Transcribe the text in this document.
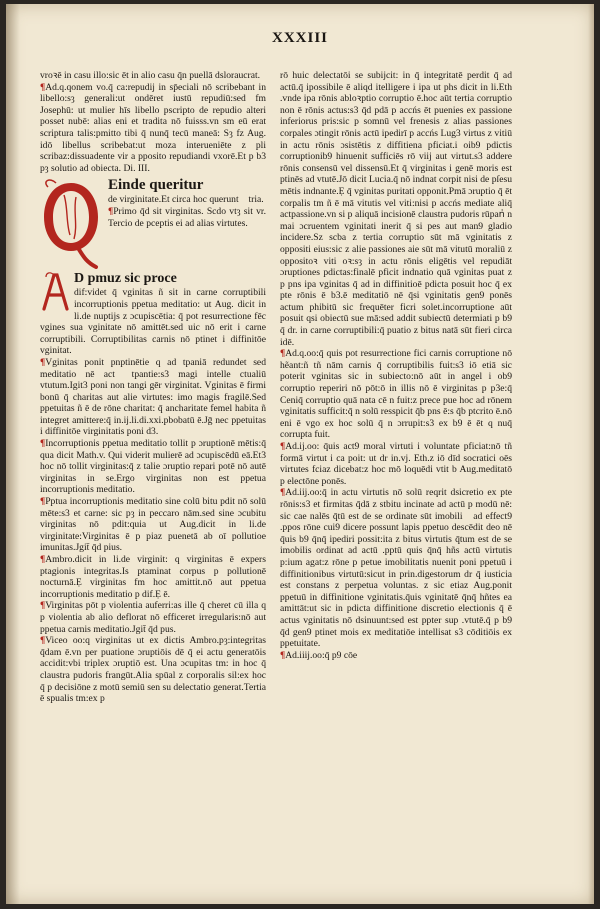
XXXIII

vroꝛē in casu illo:sic ēt in alio casu q̄n puellā dsloraucrat.

¶Ad.q.qonem vo.q̄ ca:repudij in sp̄eciali nō scribebant in libello:sȝ generali:ut ondēret iustū repudiū:sed fm Josephū: ut mulier hīs libello pscripto de repudio alteri posset nubē: alias eni et tradita nō fuisss.vn sm eū erat scriptura talis:pmitto tibi q̄ nunq̄ tecū maneā: Sȝ fz Aug. idō libellus scribebat:ut moza interueniēte z pli scribaz:dissuadente vir a pposito repudiandi vxorē.Et p b3 pȝ solutio ad obiecta. Di. III.

Einde queritur

de virginitate.Et circa hoc queruntᷣ tria.

¶Primo q̄d sit virginitas. Scdo vtȝ sit vr. Tercio de pceptis ei ad alias virtutes.

D pmuz sic proce

dif:videt q̄ vginitas ñ sit in carne corruptibili incorruptionis ppetua meditatio: ut Aug. dicit in li.de nuptijs z ɔcupiscētia: q̄ pot resurrectione fēc vgines sua vginitate nō amittēt.sed uic nō erit i carne corruptibili. Corruptibilitas carnis nō ptinet i diffinitōe vginitat.

¶Vginitas ponit pnptinētie q ad tpaniā redundet sed meditatio nē actᷣ tpantie:s3 magi intelle ctualiū vtutum.Igit3 poni non tangi gēr virginitat. Vginitas ē firmi bonū q̄ charitas aut alie virtutes: imo magis fragilē.Sed ppetuitas ñ ē de rōne charitat: q̄ ancharitate femel habita ñ integret amittere:q̄ in.ij.li.di.xxi.pbobatū ē.Jḡ nec ppetuitas i diffinitōe virginitatis poni d3.

¶Incorruptionis ppetua meditatio tollit p ɔruptionē mētis:q̄ qua dicit Math.v. Qui viderit mulierē ad ɔcupiscēdū eā.Et3 hoc nō tollit virginitas:q̄ z talie ɔruptio repari potē nō autē virginitas in se.Ergo virginitas non est ppetua incorruptionis meditatio.

¶Pptua incorruptionis meditatio sine colū bitu pdit nō solū mēte:s3 et carne: sic pȝ in peccaro nām.sed sine ɔcubitu virginitas nō pdit:quia ut Aug.dicit in li.de virginitate:Virginitas ē p piaz puenetā ab oī pollutioe imunitas.Jgit̄ q̄d pius.

¶Ambro.dicit in li.de virginit: q virginitas ē expers ptagionis integritas.Is ptaminat corpus p pollutionē nocturnā.Ẹ virginitas fm hoc amittit.nō aut ppetua incorruptionis meditatio p dif.Ẹ ē.

¶Virginitas pōt p violentia auferri:as ille q̄ cheret cū illa q p violentia ab alio deflorat nō efficeret irregularis:nō aut ppetua carnis meditatio.Jgit̄ q̄d pus.

¶Viceo oo:q virginitas ut ex dictis Ambro.pȝ:integritas q̄dam ē.vn per puatione ɔruptiōis dē q̄ ei actu generatōis accidit:vbi triplex ɔruptiō est. Una ɔcupitas tm: in hoc q̄ claustra pudoris frangūt.Alia spūal z corporalis sil:ex hoc q̄ p decisiōne z motū semiū sen su delectatio generat.Tertia ē spualis tm:ex p

rō huic delectatōi se subijcit: in q̄ integritatē perdit q̄ ad actū.q̄ ipossibile ē aliqd itelligere i ipa ut phs dicit in li.Eth .vnde ipa rōnis abloꝛptio corruptio ē.hoc aūt tertia corruptio non ē rōnis actus:s3 q̄d pdā p accńs ēt puenies ex passione inferiorus pris:sic p somnū vel frenesis z alias passiones corpales ɔtingit rōnis actū ipedirī p accńs Lug3 virtus z vitiū in actu rōnis ɔsistētis z diffitiena pficiat.i oib9 pdictis corruptionib9 hinuenit sufficiēs rō viij aut virtut.s3 addere rōnis consensū vel dissensū.Et q̄ virginitas i genē moris est ptinēs ad vtutē.Jō dicit Lucia.q̄ nō indnat corpit nisi de pſesu mētis indnante.Ẹ q̄ vginitas puritati opponit.Pmā ɔruptio q̄ ēt corpalis tm ñ ē mā vitutis vel viti:nisi p accńs mediate aliq̄ actpassione.vn si p aliquā incisionē claustra pudoris rūpanᷣ n mai ɔcruentem vginitati inerit q̄ si pes aut man9 gladio incidere.Sz scba z tertia corruptio sūt mā vginitatis z oppositi eius:sic z alie passiones aie sūt mā vitutū moraliū z oppositoꝛ viti oꝛ:sȝ in actu rōnis eligētis vel repudiāt ɔruptiones pdictas:finalē pficit indnatio quā vginitas puat z p pns ipa vginitas q̄ ad in diffinitioē pdicta posuit hoc q̄ ex pte rōnis ē b3.ē meditatiō nē q̄si vginitatis gen9 ponēs actum phibitū sic frequēter ficri solet.incorruptione aūt posuit qsi obiectū sue mā:sed addit subiectū determiati p b9 q̄ dr. in carne corruptibili:q̄ puatio z bitus natā sūt fieri circa idē.

¶Ad.q.oo:q̄ quis pot resurrectione fici carnis corruptione nō hẽant:ñ tñ nām carnis q̄ corruptibilis fuit:s3 iō etiā sic poterit vginitas sic in subiecto:nō aūt in angel i ob9 corruptio reperiri nō pōt:ō in illis nō ē virginitas p p3e:q̄ Ceniq̄ corruptio quā nata cē n fuit:z prece pue hoc ad rōnem vginitatis sufficit:q̄ n solū resspicit q̄b pns ē:s q̄b ptcrito ē.nō eni ē vgo ex hoc solū q̄ n ɔrrupit:s3 ex b9 ē ēt q nuq̄ corrupta fuit.

¶Ad.ij.oo: q̄uis act9 moral virtuti i voluntate pficiat:nō tñ formā virtut i ca poit: ut dr in.vj. Eth.z iō dīd socratici oēs virtutes fciaz dicebat:z hoc mō loquēdi vtit b Aug.meditatō p electōne ponēs.

¶Ad.iij.oo:q̄ in actu virtutis nō solū reqrit dsicretio ex pte rōnis:s3 et firmitas q̄dā z stbitu incinate ad actū p modū nē: sic cae nalēs q̄tū est de se ordinate sūt imobiliᷣ ad effect9 .ppos rōne cui9 dicere possunt lapis ppetuo descēdit deo nē q̄uis b9 q̄nq̄ ipediri possit:ita z bitus virtutis q̄tum est de se imobilis ordinat ad actū .pptū quis q̄nq̄ hñs actū virtutis p:ium agat:z rōne p petue imobilitatis nuenit poni ppetuū i diffinitionibus virtutū:sicut in prin.digestorum dr q̄ iusticia est constans z perpetua voluntas. z sic etiaz Aug.ponit ppetuū in diffinitione vginitatis.q̄uis vginitatē q̄nq̄ hñtes ea amittāt:ut sic in pdicta diffinitione discretio electionis q̄ ē actus vginitatis nō dsinuunt:sed est ppter sup .vtutē.q̄ p b9 q̄d gen9 ptinet mois ex meditatiōe intellisat s3 cōditiōis ex ppetuitate.

¶Ad.iiij.oo:q̄ p9 cōe
